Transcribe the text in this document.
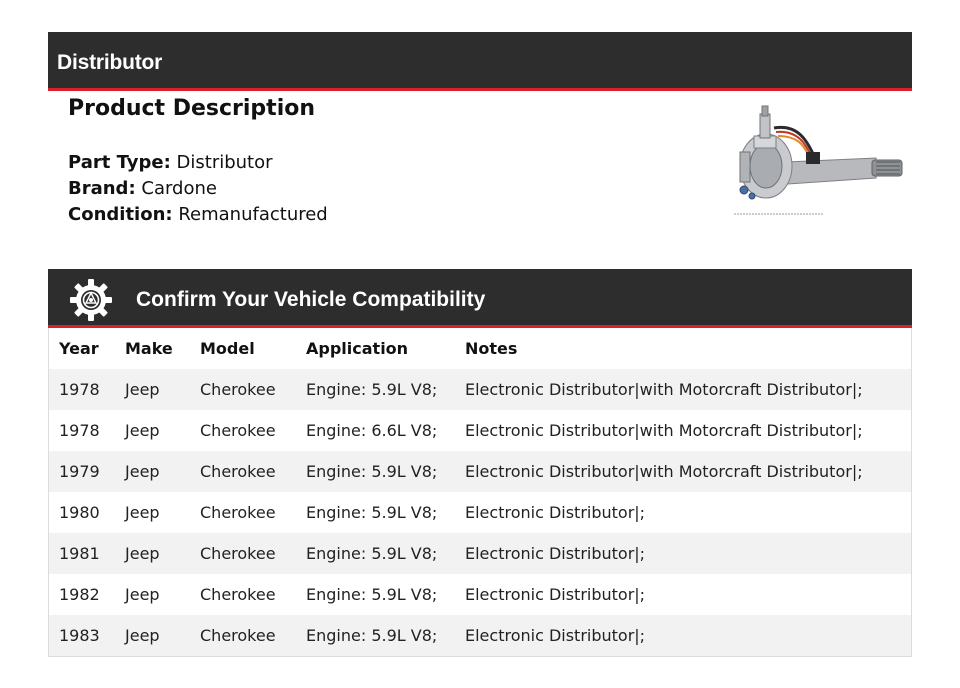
Distributor
Product Description
Part Type: Distributor
Brand: Cardone
Condition: Remanufactured
Confirm Your Vehicle Compatibility
Year	Make	Model	Application	Notes
1978	Jeep	Cherokee	Engine: 5.9L V8;	Electronic Distributor|with Motorcraft Distributor|;
1978	Jeep	Cherokee	Engine: 6.6L V8;	Electronic Distributor|with Motorcraft Distributor|;
1979	Jeep	Cherokee	Engine: 5.9L V8;	Electronic Distributor|with Motorcraft Distributor|;
1980	Jeep	Cherokee	Engine: 5.9L V8;	Electronic Distributor|;
1981	Jeep	Cherokee	Engine: 5.9L V8;	Electronic Distributor|;
1982	Jeep	Cherokee	Engine: 5.9L V8;	Electronic Distributor|;
1983	Jeep	Cherokee	Engine: 5.9L V8;	Electronic Distributor|;
